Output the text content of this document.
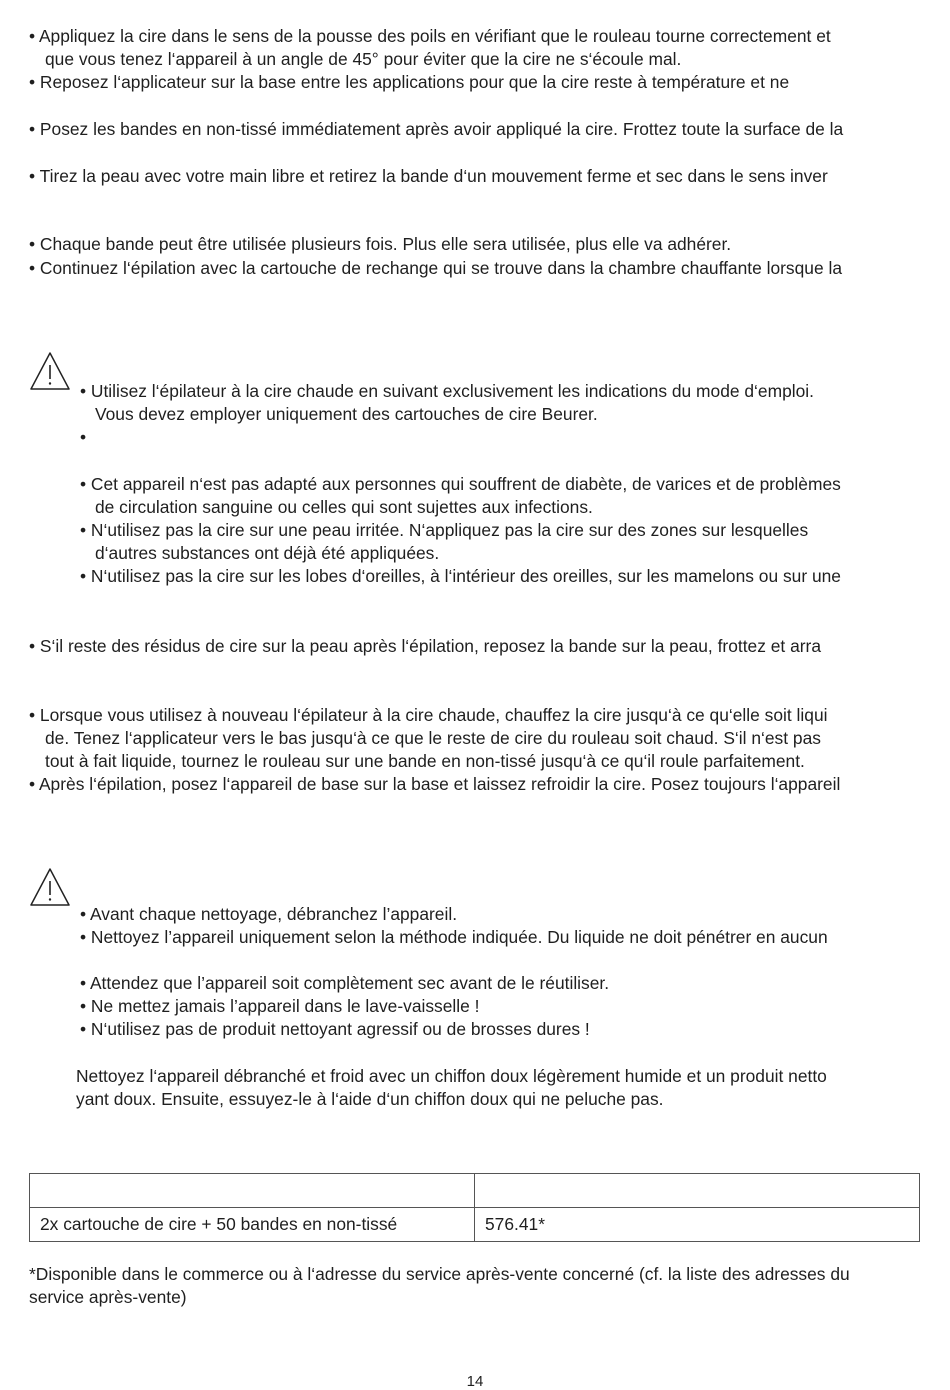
• Appliquez la cire dans le sens de la pousse des poils en vérifiant que le rouleau tourne correctement et
que vous tenez l‘appareil à un angle de 45° pour éviter que la cire ne s‘écoule mal.
• Reposez l‘applicateur sur la base entre les applications pour que la cire reste à température et ne
• Posez les bandes en non-tissé immédiatement après avoir appliqué la cire. Frottez toute la surface de la
• Tirez la peau avec votre main libre et retirez la bande d‘un mouvement ferme et sec dans le sens inver
• Chaque bande peut être utilisée plusieurs fois. Plus elle sera utilisée, plus elle va adhérer.
• Continuez l‘épilation avec la cartouche de rechange qui se trouve dans la chambre chauffante lorsque la
• Utilisez l‘épilateur à la cire chaude en suivant exclusivement les indications du mode d‘emploi.
Vous devez employer uniquement des cartouches de cire Beurer.
•
• Cet appareil n‘est pas adapté aux personnes qui souffrent de diabète, de varices et de problèmes
de circulation sanguine ou celles qui sont sujettes aux infections.
• N‘utilisez pas la cire sur une peau irritée. N‘appliquez pas la cire sur des zones sur lesquelles
d‘autres substances ont déjà été appliquées.
• N‘utilisez pas la cire sur les lobes d‘oreilles, à l‘intérieur des oreilles, sur les mamelons ou sur une
• S‘il reste des résidus de cire sur la peau après l‘épilation, reposez la bande sur la peau, frottez et arra
• Lorsque vous utilisez à nouveau l‘épilateur à la cire chaude, chauffez la cire jusqu‘à ce qu‘elle soit liqui
de. Tenez l‘applicateur vers le bas jusqu‘à ce que le reste de cire du rouleau soit chaud. S‘il n‘est pas
tout à fait liquide, tournez le rouleau sur une bande en non-tissé jusqu‘à ce qu‘il roule parfaitement.
• Après l‘épilation, posez l‘appareil de base sur la base et laissez refroidir la cire. Posez toujours l‘appareil
• Avant chaque nettoyage, débranchez l’appareil.
• Nettoyez l’appareil uniquement selon la méthode indiquée. Du liquide ne doit pénétrer en aucun
• Attendez que l’appareil soit complètement sec avant de le réutiliser.
• Ne mettez jamais l’appareil dans le lave-vaisselle !
• N‘utilisez pas de produit nettoyant agressif ou de brosses dures !
Nettoyez l‘appareil débranché et froid avec un chiffon doux légèrement humide et un produit netto
yant doux. Ensuite, essuyez-le à l‘aide d‘un chiffon doux qui ne peluche pas.

2x cartouche de cire + 50 bandes en non-tissé	576.41*
*Disponible dans le commerce ou à l‘adresse du service après-vente concerné (cf. la liste des adresses du
service après-vente)
14
